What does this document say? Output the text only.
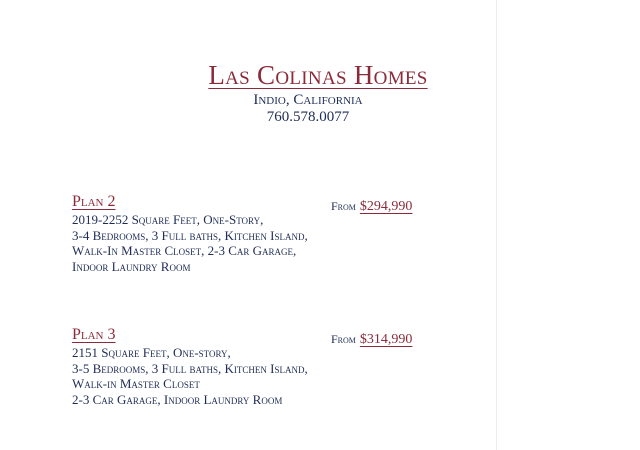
Las Colinas Homes
Indio, California
760.578.0077
Plan 2	From $294,990
2019-2252 Square Feet, One-Story,
3-4 Bedrooms, 3 Full baths, Kitchen Island,
Walk-In Master Closet, 2-3 Car Garage,
Indoor Laundry Room
Plan 3	From $314,990
2151 Square Feet, One-story,
3-5 Bedrooms, 3 Full baths, Kitchen Island,
Walk-in Master Closet
2-3 Car Garage, Indoor Laundry Room
